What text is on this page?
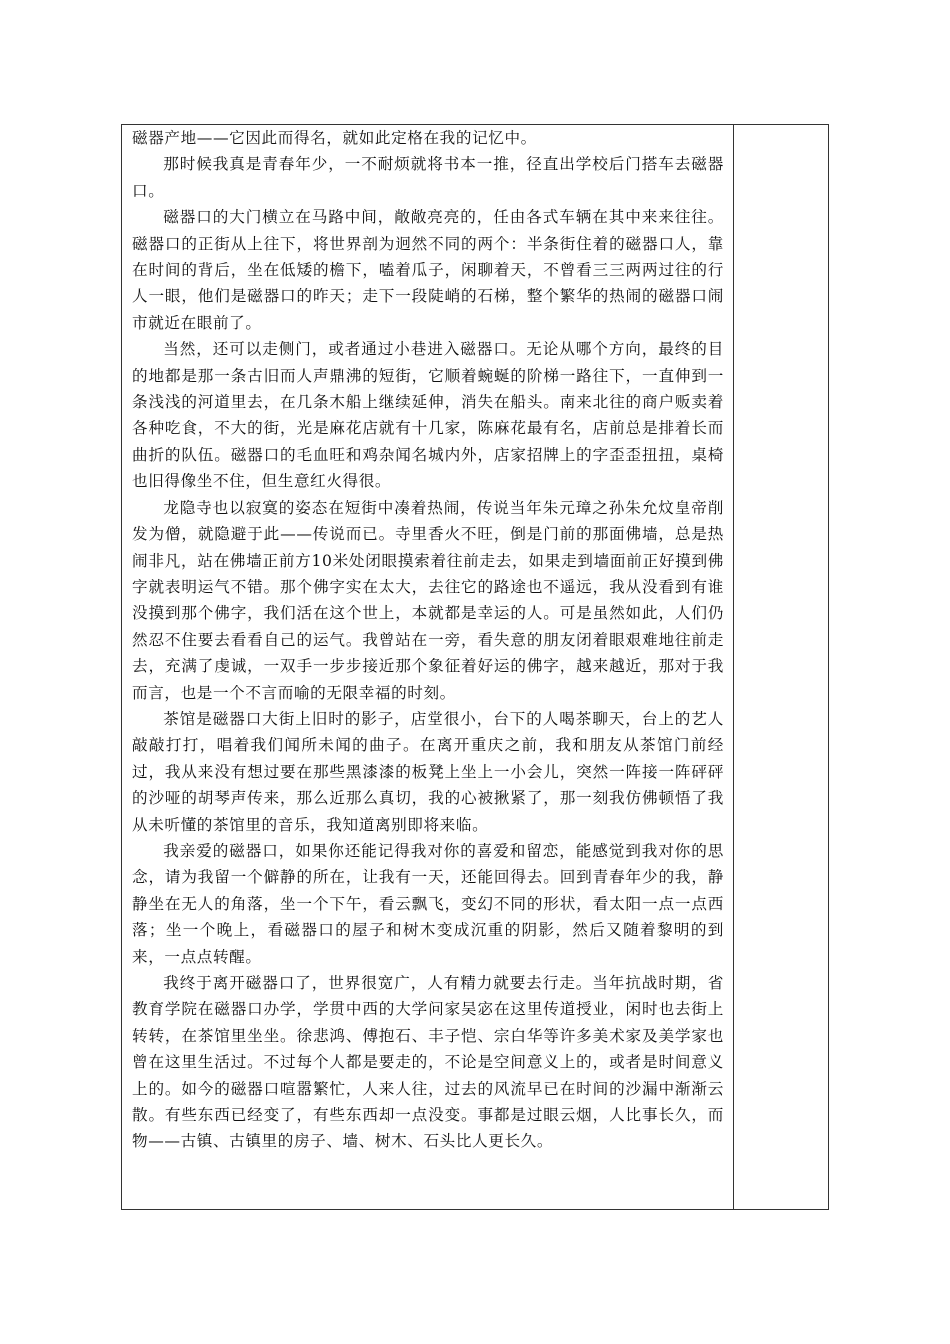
磁器产地——它因此而得名，就如此定格在我的记忆中。

那时候我真是青春年少，一不耐烦就将书本一推，径直出学校后门搭车去磁器口。

磁器口的大门横立在马路中间，敞敞亮亮的，任由各式车辆在其中来来往往。磁器口的正街从上往下，将世界剖为迥然不同的两个：半条街住着的磁器口人，靠在时间的背后，坐在低矮的檐下，嗑着瓜子，闲聊着天，不曾看三三两两过往的行人一眼，他们是磁器口的昨天；走下一段陡峭的石梯，整个繁华的热闹的磁器口闹市就近在眼前了。

当然，还可以走侧门，或者通过小巷进入磁器口。无论从哪个方向，最终的目的地都是那一条古旧而人声鼎沸的短街，它顺着蜿蜒的阶梯一路往下，一直伸到一条浅浅的河道里去，在几条木船上继续延伸，消失在船头。南来北往的商户贩卖着各种吃食，不大的街，光是麻花店就有十几家，陈麻花最有名，店前总是排着长而曲折的队伍。磁器口的毛血旺和鸡杂闻名城内外，店家招牌上的字歪歪扭扭，桌椅也旧得像坐不住，但生意红火得很。

龙隐寺也以寂寞的姿态在短街中凑着热闹，传说当年朱元璋之孙朱允炆皇帝削发为僧，就隐避于此——传说而已。寺里香火不旺，倒是门前的那面佛墙，总是热闹非凡，站在佛墙正前方10米处闭眼摸索着往前走去，如果走到墙面前正好摸到佛字就表明运气不错。那个佛字实在太大，去往它的路途也不遥远，我从没看到有谁没摸到那个佛字，我们活在这个世上，本就都是幸运的人。可是虽然如此，人们仍然忍不住要去看看自己的运气。我曾站在一旁，看失意的朋友闭着眼艰难地往前走去，充满了虔诚，一双手一步步接近那个象征着好运的佛字，越来越近，那对于我而言，也是一个不言而喻的无限幸福的时刻。

茶馆是磁器口大街上旧时的影子，店堂很小，台下的人喝茶聊天，台上的艺人敲敲打打，唱着我们闻所未闻的曲子。在离开重庆之前，我和朋友从茶馆门前经过，我从来没有想过要在那些黑漆漆的板凳上坐上一小会儿，突然一阵接一阵砰砰的沙哑的胡琴声传来，那么近那么真切，我的心被揪紧了，那一刻我仿佛顿悟了我从未听懂的茶馆里的音乐，我知道离别即将来临。

我亲爱的磁器口，如果你还能记得我对你的喜爱和留恋，能感觉到我对你的思念，请为我留一个僻静的所在，让我有一天，还能回得去。回到青春年少的我，静静坐在无人的角落，坐一个下午，看云飘飞，变幻不同的形状，看太阳一点一点西落；坐一个晚上，看磁器口的屋子和树木变成沉重的阴影，然后又随着黎明的到来，一点点转醒。

我终于离开磁器口了，世界很宽广，人有精力就要去行走。当年抗战时期，省教育学院在磁器口办学，学贯中西的大学问家吴宓在这里传道授业，闲时也去街上转转，在茶馆里坐坐。徐悲鸿、傅抱石、丰子恺、宗白华等许多美术家及美学家也曾在这里生活过。不过每个人都是要走的，不论是空间意义上的，或者是时间意义上的。如今的磁器口喧嚣繁忙，人来人往，过去的风流早已在时间的沙漏中渐渐云散。有些东西已经变了，有些东西却一点没变。事都是过眼云烟，人比事长久，而物——古镇、古镇里的房子、墙、树木、石头比人更长久。
